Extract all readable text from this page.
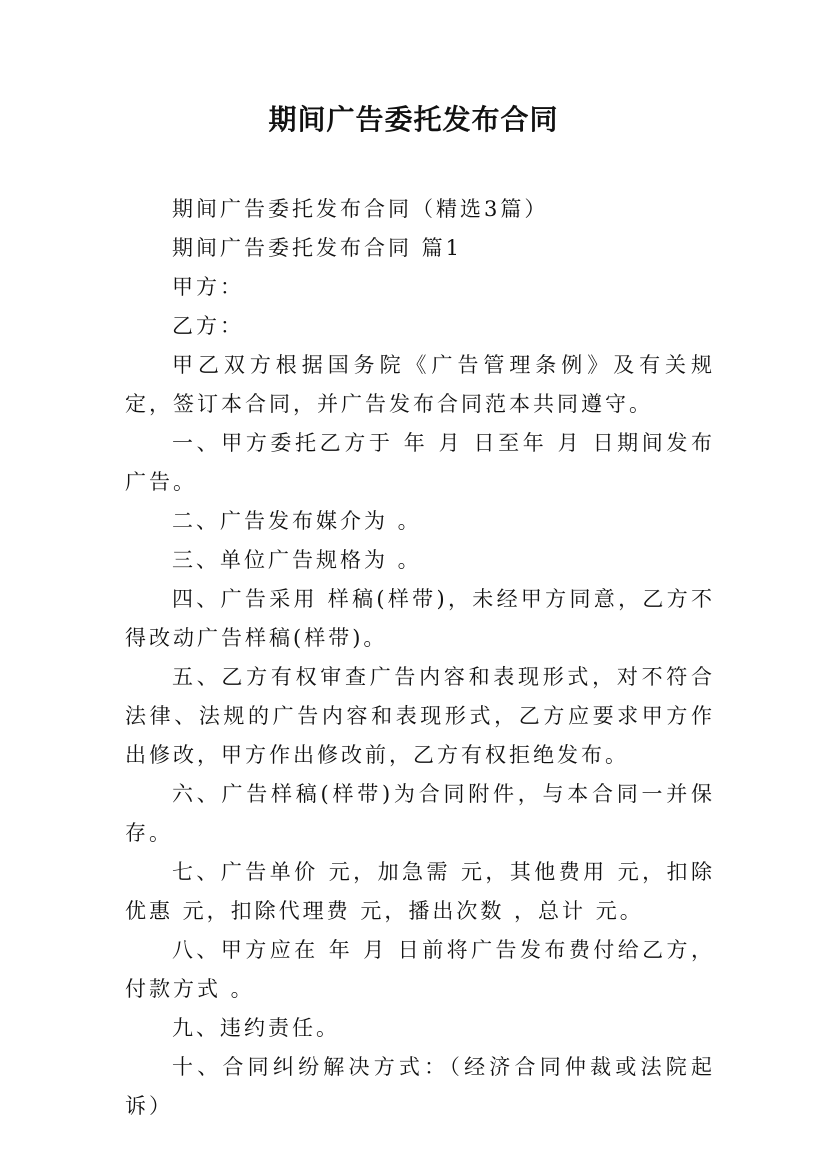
期间广告委托发布合同

期间广告委托发布合同（精选3篇）

期间广告委托发布合同 篇1

甲方：

乙方：

甲乙双方根据国务院《广告管理条例》及有关规定，签订本合同，并广告发布合同范本共同遵守。

一、甲方委托乙方于 年 月 日至年 月 日期间发布 广告。

二、广告发布媒介为 。

三、单位广告规格为 。

四、广告采用 样稿(样带)，未经甲方同意，乙方不得改动广告样稿(样带)。

五、乙方有权审查广告内容和表现形式，对不符合法律、法规的广告内容和表现形式，乙方应要求甲方作出修改，甲方作出修改前，乙方有权拒绝发布。

六、广告样稿(样带)为合同附件，与本合同一并保存。

七、广告单价 元，加急需 元，其他费用 元，扣除优惠 元，扣除代理费 元，播出次数 ，总计 元。

八、甲方应在 年 月 日前将广告发布费付给乙方，付款方式 。

九、违约责任。

十、合同纠纷解决方式：（经济合同仲裁或法院起诉）
